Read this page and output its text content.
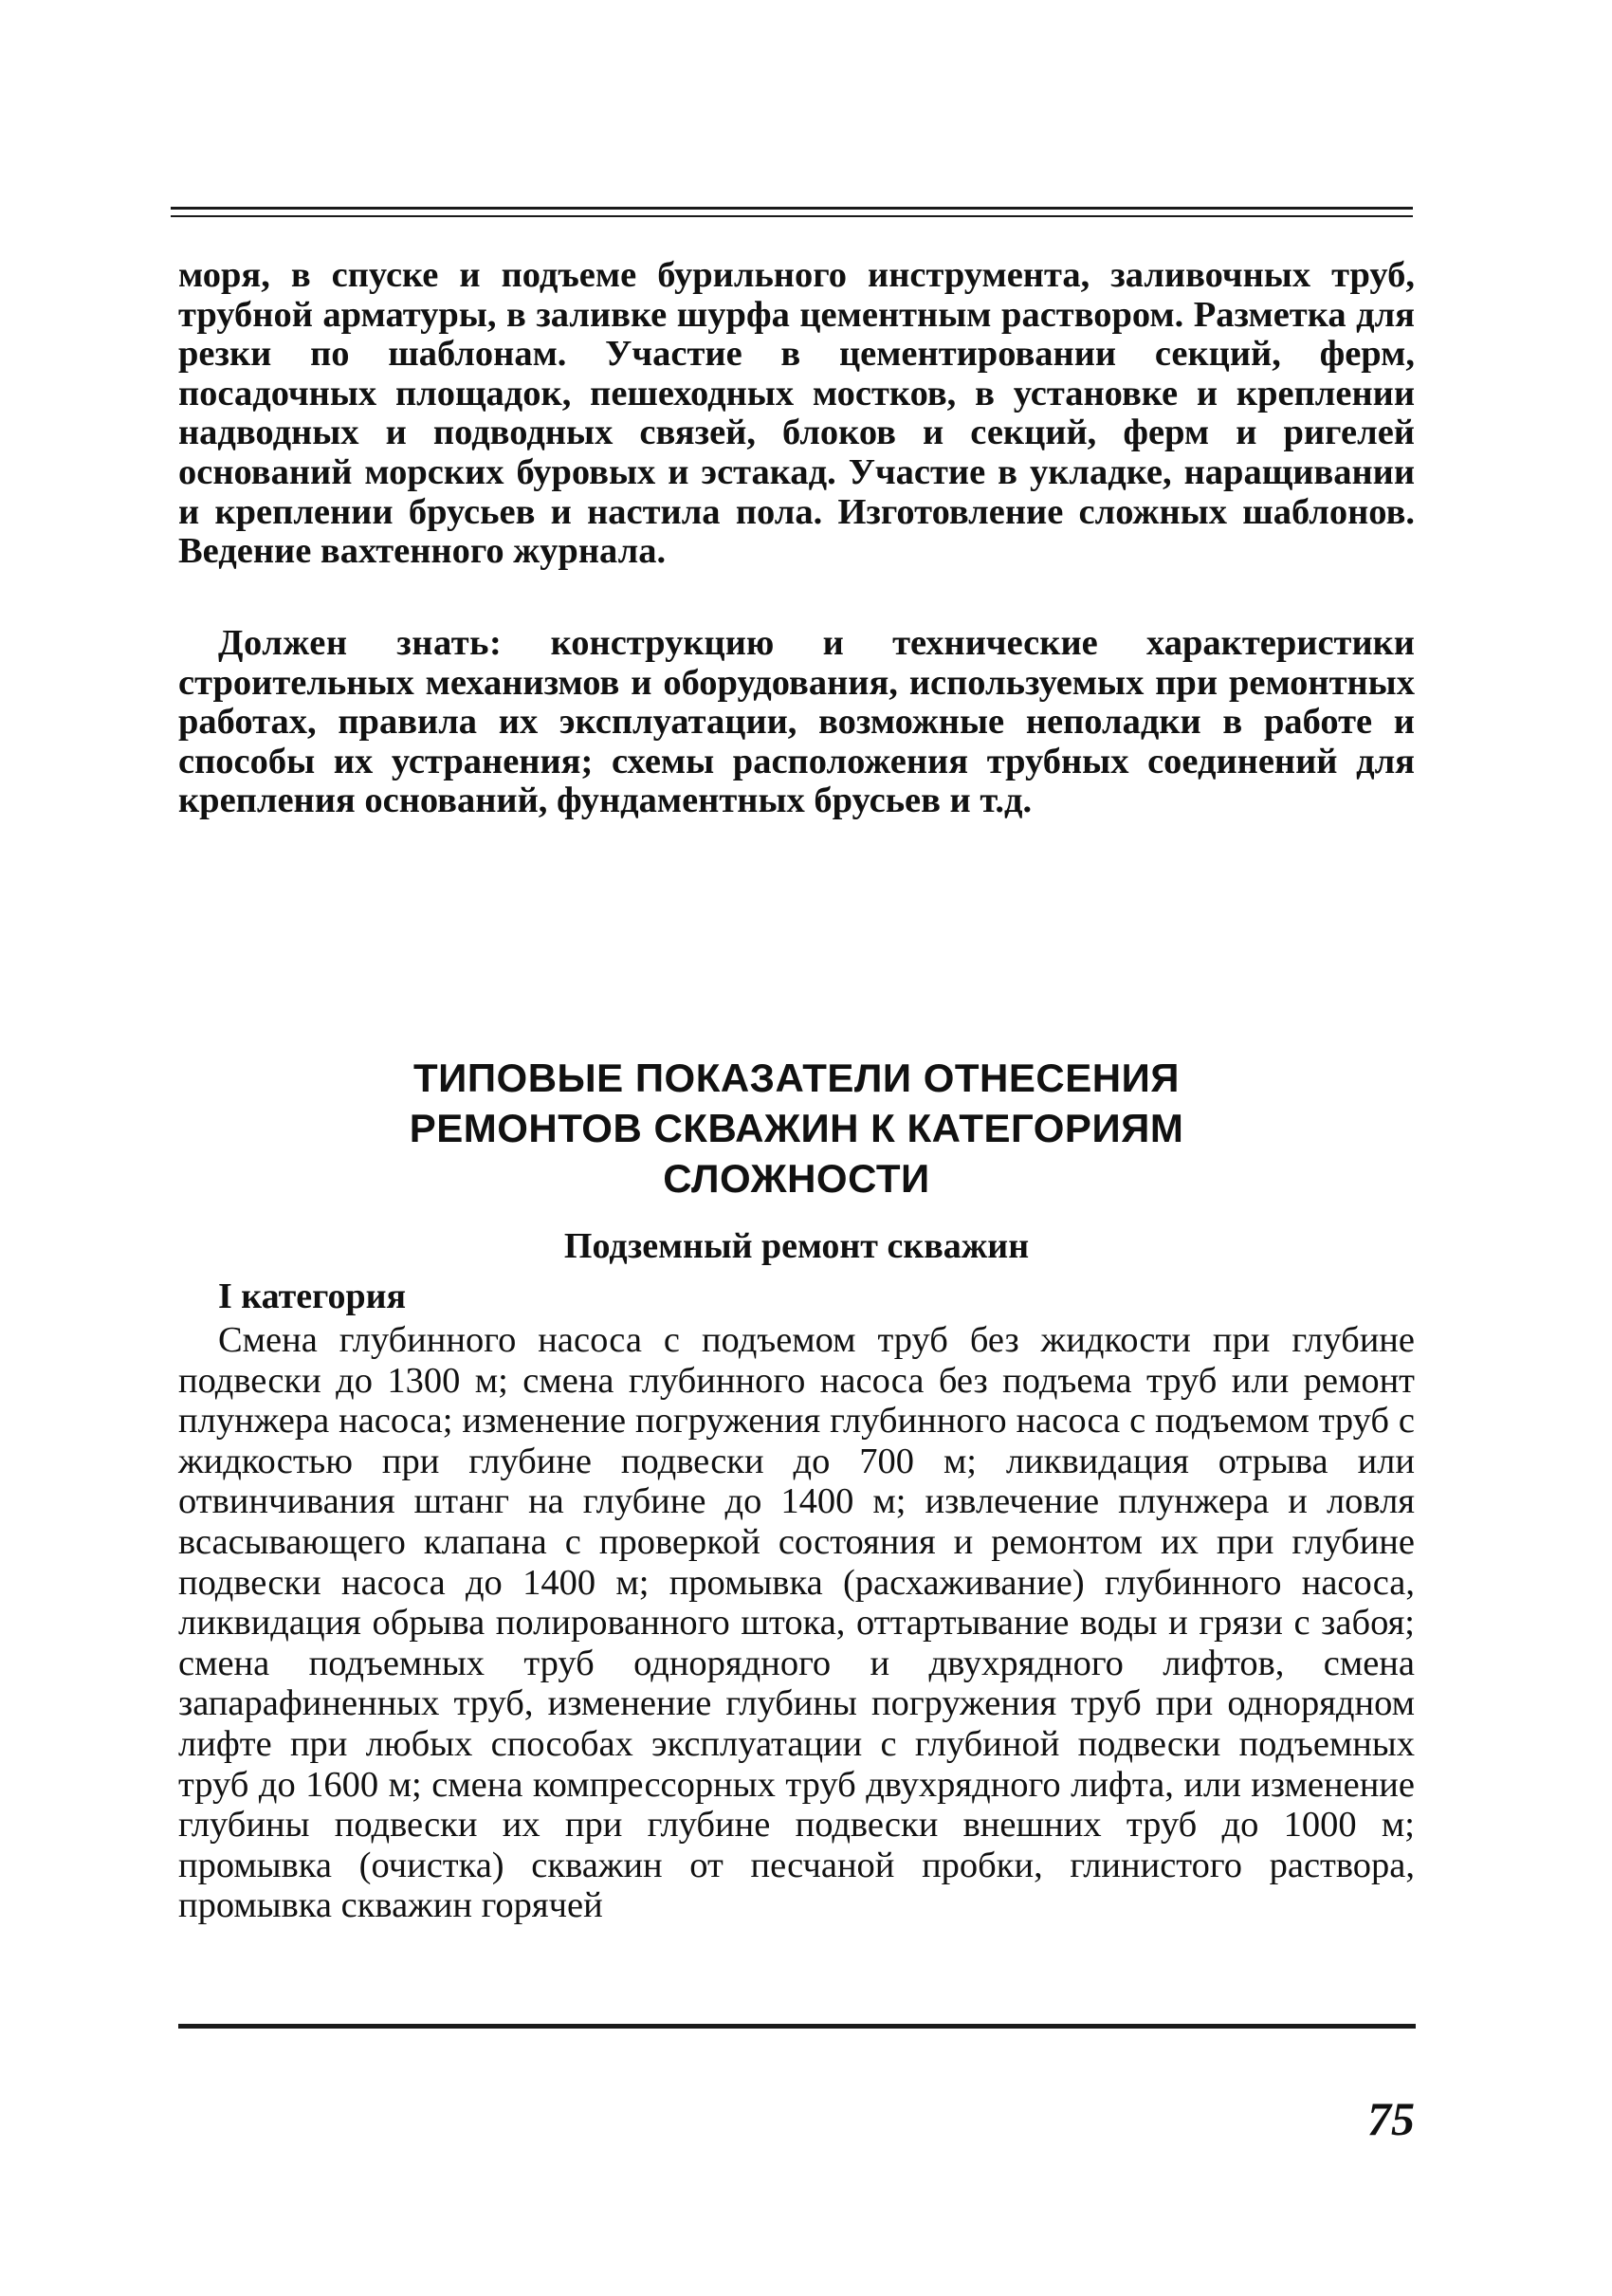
моря, в спуске и подъеме бурильного инструмента, заливочных труб, трубной арматуры, в заливке шурфа цементным раствором. Разметка для резки по шаблонам. Участие в цементировании секций, ферм, посадочных площадок, пешеходных мостков, в установке и креплении надводных и подводных связей, блоков и секций, ферм и ригелей оснований морских буровых и эстакад. Участие в укладке, наращивании и креплении брусьев и настила пола. Изготовление сложных шаблонов. Ведение вахтенного журнала.

Должен знать: конструкцию и технические характеристики строительных механизмов и оборудования, используемых при ремонтных работах, правила их эксплуатации, возможные неполадки в работе и способы их устранения; схемы расположения трубных соединений для крепления оснований, фундаментных брусьев и т.д.

ТИПОВЫЕ ПОКАЗАТЕЛИ ОТНЕСЕНИЯ
РЕМОНТОВ СКВАЖИН К КАТЕГОРИЯМ
СЛОЖНОСТИ
Подземный ремонт скважин
I категория

Смена глубинного насоса с подъемом труб без жидкости при глубине подвески до 1300 м; смена глубинного насоса без подъема труб или ремонт плунжера насоса; изменение погружения глубинного насоса с подъемом труб с жидкостью при глубине подвески до 700 м; ликвидация отрыва или отвинчивания штанг на глубине до 1400 м; извлечение плунжера и ловля всасывающего клапана с проверкой состояния и ремонтом их при глубине подвески насоса до 1400 м; промывка (расхаживание) глубинного насоса, ликвидация обрыва полированного штока, оттартывание воды и грязи с забоя; смена подъемных труб однорядного и двухрядного лифтов, смена запарафиненных труб, изменение глубины погружения труб при однорядном лифте при любых способах эксплуатации с глубиной подвески подъемных труб до 1600 м; смена компрессорных труб двухрядного лифта, или изменение глубины подвески их при глубине подвески внешних труб до 1000 м; промывка (очистка) скважин от песчаной пробки, глинистого раствора, промывка скважин горячей

75
